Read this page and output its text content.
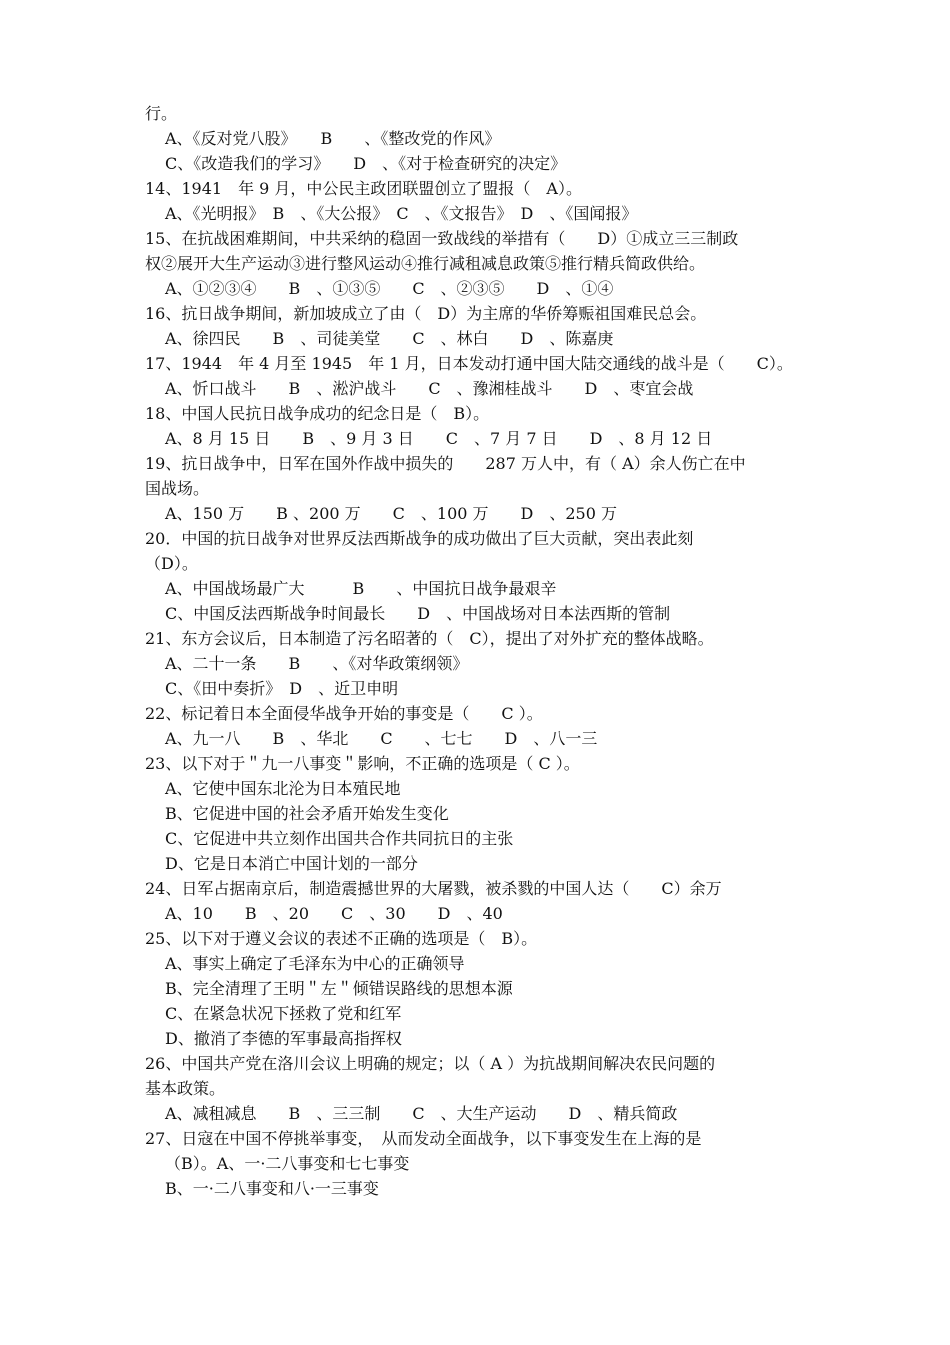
行。
A、《反对党八股》　　B　　、《整改党的作风》
C、《改造我们的学习》　　D　、《对于检查研究的决定》
14、1941　年 9 月，中公民主政团联盟创立了盟报（　A）。
A、《光明报》　B　、《大公报》　C　、《文报告》　D　、《国闻报》
15、在抗战困难期间，中共采纳的稳固一致战线的举措有（　　D）①成立三三制政
权②展开大生产运动③进行整风运动④推行减租减息政策⑤推行精兵简政供给。
A、①②③④　　B　、①③⑤　　C　、②③⑤　　D　、①④
16、抗日战争期间，新加坡成立了由（　D）为主席的华侨筹赈祖国难民总会。
A、徐四民　　B　、司徒美堂　　C　、林白　　D　、陈嘉庚
17、1944　年 4 月至 1945　年 1 月，日本发动打通中国大陆交通线的战斗是（　　C）。
A、忻口战斗　　B　、淞沪战斗　　C　、豫湘桂战斗　　D　、枣宜会战
18、中国人民抗日战争成功的纪念日是（　B）。
A、8 月 15 日　　B　、9 月 3 日　　C　、7 月 7 日　　D　、8 月 12 日
19、抗日战争中，日军在国外作战中损失的　　287 万人中，有（ A）余人伤亡在中
国战场。
A、150 万　　B 、200 万　　C　、100 万　　D　、250 万
20．中国的抗日战争对世界反法西斯战争的成功做出了巨大贡献，突出表此刻
（D）。
A、中国战场最广大　　　B　　、中国抗日战争最艰辛
C、中国反法西斯战争时间最长　　D　、中国战场对日本法西斯的管制
21、东方会议后，日本制造了污名昭著的（　C），提出了对外扩充的整体战略。
A、二十一条　　B　　、《对华政策纲领》
C、《田中奏折》　D　、近卫申明
22、标记着日本全面侵华战争开始的事变是（　　C ）。
A、九一八　　B　、华北　　C　　、七七　　D　、八一三
23、以下对于＂九一八事变＂影响，不正确的选项是（ C ）。
A、它使中国东北沦为日本殖民地
B、它促进中国的社会矛盾开始发生变化
C、它促进中共立刻作出国共合作共同抗日的主张
D、它是日本消亡中国计划的一部分
24、日军占据南京后，制造震撼世界的大屠戮，被杀戮的中国人达（　　C）余万
A、10　　B　、20　　C　、30　　D　、40
25、以下对于遵义会议的表述不正确的选项是（　B）。
A、事实上确定了毛泽东为中心的正确领导
B、完全清理了王明＂左＂倾错误路线的思想本源
C、在紧急状况下拯救了党和红军
D、撤消了李德的军事最高指挥权
26、中国共产党在洛川会议上明确的规定；以（ A ）为抗战期间解决农民问题的
基本政策。
A、减租减息　　B　、三三制　　C　、大生产运动　　D　、精兵简政
27、日寇在中国不停挑举事变，　从而发动全面战争，以下事变发生在上海的是
（B）。A、一·二八事变和七七事变
B、一·二八事变和八·一三事变
